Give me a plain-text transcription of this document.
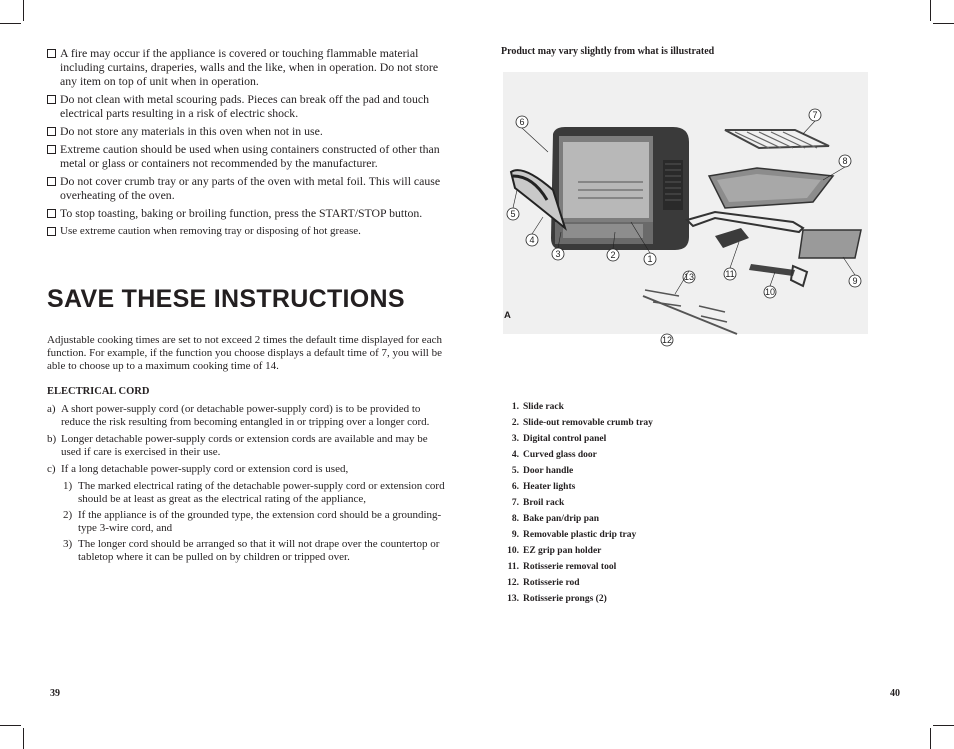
A fire may occur if the appliance is covered or touching flammable material including curtains, draperies, walls and the like, when in operation. Do not store any item on top of unit when in operation.
Do not clean with metal scouring pads. Pieces can break off the pad and touch electrical parts resulting in a risk of electric shock.
Do not store any materials in this oven when not in use.
Extreme caution should be used when using containers constructed of other than metal or glass or containers not recommended by the manufacturer.
Do not cover crumb tray or any parts of the oven with metal foil. This will cause overheating of the oven.
To stop toasting, baking or broiling function, press the START/STOP button.
Use extreme caution when removing tray or disposing of hot grease.
SAVE THESE INSTRUCTIONS

Adjustable cooking times are set to not exceed 2 times the default time displayed for each function. For example, if the function you choose displays a default time of 7, you will be able to choose up to a maximum cooking time of 14.

ELECTRICAL CORD
a) A short power-supply cord (or detachable power-supply cord) is to be provided to reduce the risk resulting from becoming entangled in or tripping over a longer cord.
b) Longer detachable power-supply cords or extension cords are available and may be used if care is exercised in their use.
c) If a long detachable power-supply cord or extension cord is used,
1) The marked electrical rating of the detachable power-supply cord or extension cord should be at least as great as the electrical rating of the appliance,
2) If the appliance is of the grounded type, the extension cord should be a grounding-type 3-wire cord, and
3) The longer cord should be arranged so that it will not drape over the countertop or tabletop where it can be pulled on by children or tripped over.
39

Product may vary slightly from what is illustrated

1
2
3
4
5
6
7
8
9
10
11
12
13
A
1. Slide rack
2. Slide-out removable crumb tray
3. Digital control panel
4. Curved glass door
5. Door handle
6. Heater lights
7. Broil rack
8. Bake pan/drip pan
9. Removable plastic drip tray
10. EZ grip pan holder
11. Rotisserie removal tool
12. Rotisserie rod
13. Rotisserie prongs (2)
40
